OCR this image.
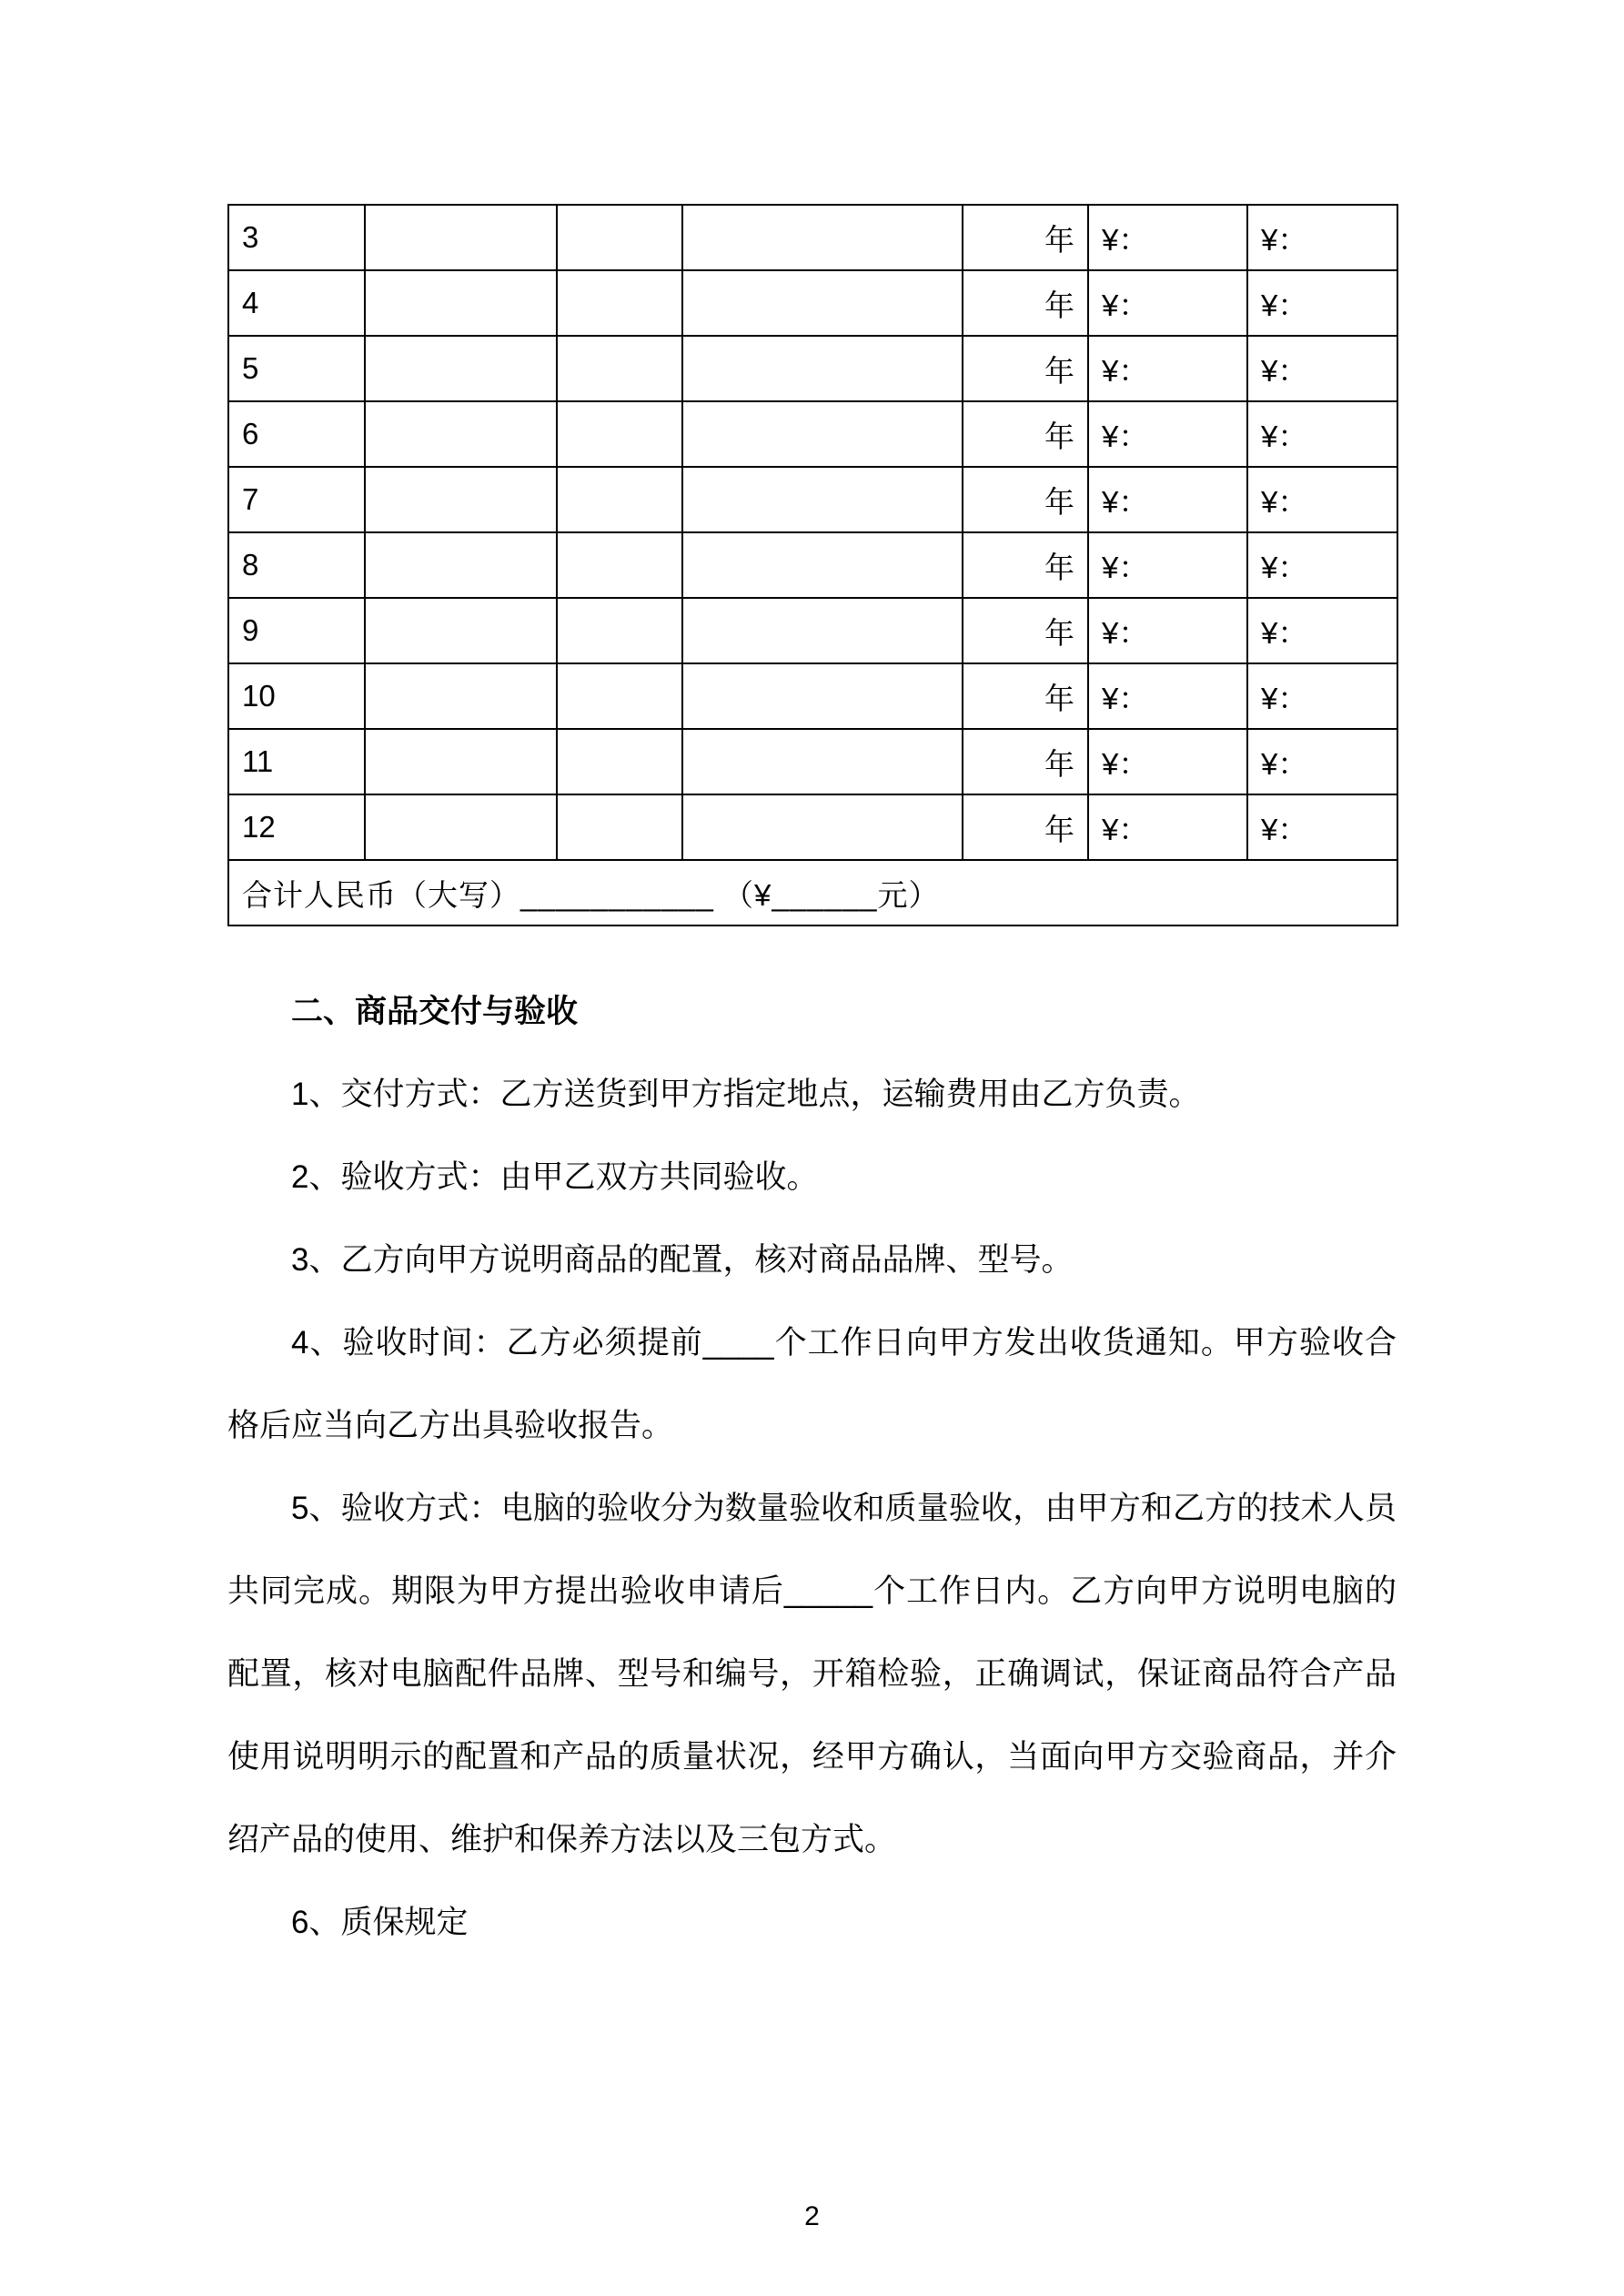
3				年	¥：	¥：
4				年	¥：	¥：
5				年	¥：	¥：
6				年	¥：	¥：
7				年	¥：	¥：
8				年	¥：	¥：
9				年	¥：	¥：
10				年	¥：	¥：
11				年	¥：	¥：
12				年	¥：	¥：
合计人民币（大写）___________ （¥______元）						
二、商品交付与验收

1、交付方式：乙方送货到甲方指定地点，运输费用由乙方负责。

2、验收方式：由甲乙双方共同验收。

3、乙方向甲方说明商品的配置，核对商品品牌、型号。

4、验收时间：乙方必须提前____个工作日向甲方发出收货通知。甲方验收合格后应当向乙方出具验收报告。

5、验收方式：电脑的验收分为数量验收和质量验收，由甲方和乙方的技术人员共同完成。期限为甲方提出验收申请后_____个工作日内。乙方向甲方说明电脑的配置，核对电脑配件品牌、型号和编号，开箱检验，正确调试，保证商品符合产品使用说明明示的配置和产品的质量状况，经甲方确认，当面向甲方交验商品，并介绍产品的使用、维护和保养方法以及三包方式。

6、质保规定

2
